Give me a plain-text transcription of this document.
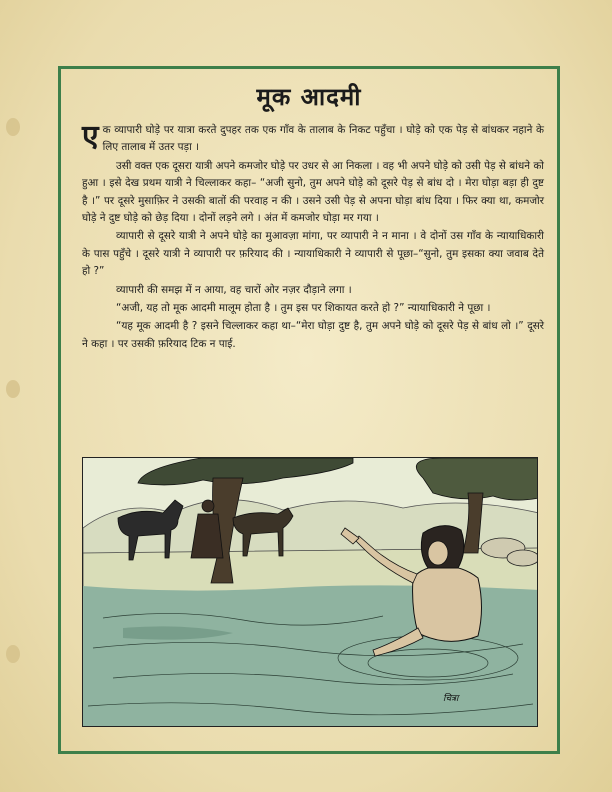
मूक आदमी

एक व्यापारी घोड़े पर यात्रा करते दुपहर तक एक गाँव के तालाब के निकट पहुँचा । घोड़े को एक पेड़ से बांधकर नहाने के लिए तालाब में उतर पड़ा ।

उसी वक्त एक दूसरा यात्री अपने कमजोर घोड़े पर उधर से आ निकला । वह भी अपने घोड़े को उसी पेड़ से बांधने को हुआ । इसे देख प्रथम यात्री ने चिल्लाकर कहा– “अजी सुनो, तुम अपने घोड़े को दूसरे पेड़ से बांध दो । मेरा घोड़ा बड़ा ही दुष्ट है ।” पर दूसरे मुसाफ़िर ने उसकी बातों की परवाह न की । उसने उसी पेड़ से अपना घोड़ा बांध दिया । फिर क्या था, कमजोर घोड़े ने दुष्ट घोड़े को छेड़ दिया । दोनों लड़ने लगे । अंत में कमजोर घोड़ा मर गया ।

व्यापारी से दूसरे यात्री ने अपने घोड़े का मुआवज़ा मांगा, पर व्यापारी ने न माना । वे दोनों उस गाँव के न्यायाधिकारी के पास पहुँचे । दूसरे यात्री ने व्यापारी पर फ़रियाद की । न्यायाधिकारी ने व्यापारी से पूछा–“सुनो, तुम इसका क्या जवाब देते हो ?”

व्यापारी की समझ में न आया, वह चारों ओर नज़र दौड़ाने लगा ।

“अजी, यह तो मूक आदमी मालूम होता है । तुम इस पर शिकायत करते हो ?” न्यायाधिकारी ने पूछा ।

“यह मूक आदमी है ? इसने चिल्लाकर कहा था–“मेरा घोड़ा दुष्ट है, तुम अपने घोड़े को दूसरे पेड़ से बांध लो ।” दूसरे ने कहा । पर उसकी फ़रियाद टिक न पाई.

चित्रा
